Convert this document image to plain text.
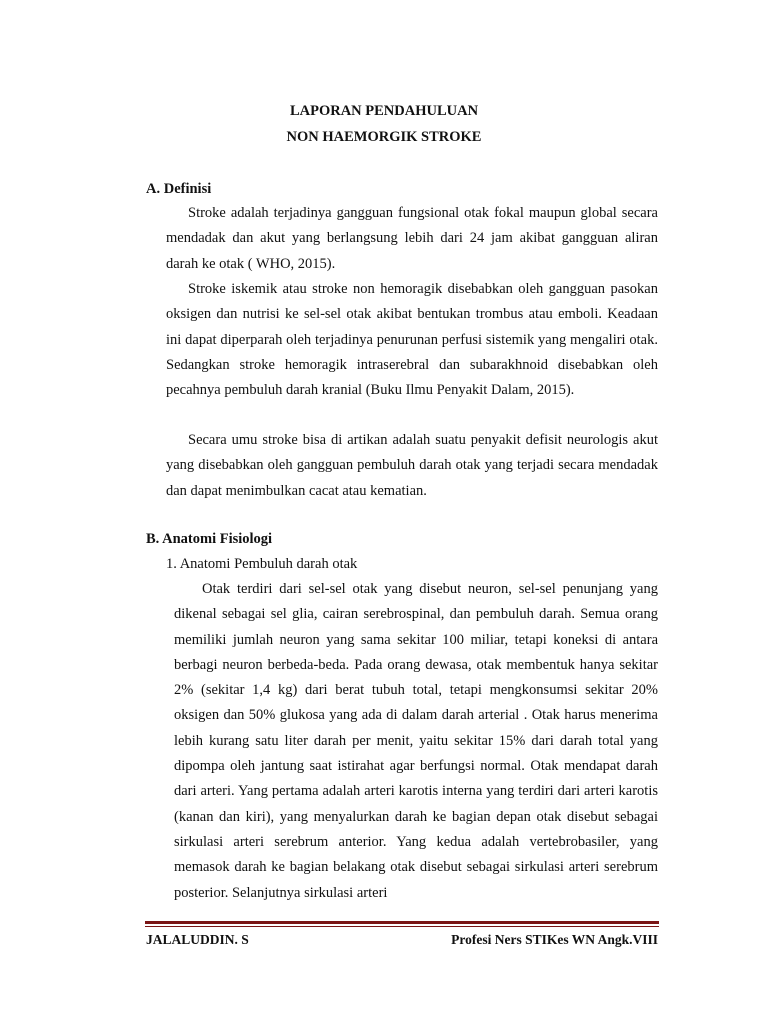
LAPORAN PENDAHULUAN
NON HAEMORGIK STROKE
A. Definisi

Stroke adalah terjadinya gangguan fungsional otak fokal maupun global secara mendadak dan akut yang berlangsung lebih dari 24 jam akibat gangguan aliran darah ke otak ( WHO, 2015).

Stroke iskemik atau stroke non hemoragik disebabkan oleh gangguan pasokan oksigen dan nutrisi ke sel-sel otak akibat bentukan trombus atau emboli. Keadaan ini dapat diperparah oleh terjadinya penurunan perfusi sistemik yang mengaliri otak. Sedangkan stroke hemoragik intraserebral dan subarakhnoid disebabkan oleh pecahnya pembuluh darah kranial (Buku Ilmu Penyakit Dalam, 2015).

Secara umu stroke bisa di artikan adalah suatu penyakit defisit neurologis akut yang disebabkan oleh gangguan pembuluh darah otak yang terjadi secara mendadak dan dapat menimbulkan cacat atau kematian.

B. Anatomi Fisiologi
1. Anatomi Pembuluh darah otak

Otak terdiri dari sel-sel otak yang disebut neuron, sel-sel penunjang yang dikenal sebagai sel glia, cairan serebrospinal, dan pembuluh darah. Semua orang memiliki jumlah neuron yang sama sekitar 100 miliar, tetapi koneksi di antara berbagi neuron berbeda-beda. Pada orang dewasa, otak membentuk hanya sekitar 2% (sekitar 1,4 kg) dari berat tubuh total, tetapi mengkonsumsi sekitar 20% oksigen dan 50% glukosa yang ada di dalam darah arterial . Otak harus menerima lebih kurang satu liter darah per menit, yaitu sekitar 15% dari darah total yang dipompa oleh jantung saat istirahat agar berfungsi normal. Otak mendapat darah dari arteri. Yang pertama adalah arteri karotis interna yang terdiri dari arteri karotis (kanan dan kiri), yang menyalurkan darah ke bagian depan otak disebut sebagai sirkulasi arteri serebrum anterior. Yang kedua adalah vertebrobasiler, yang memasok darah ke bagian belakang otak disebut sebagai sirkulasi arteri serebrum posterior. Selanjutnya sirkulasi arteri

JALALUDDIN. S	Profesi Ners STIKes WN Angk.VIII
